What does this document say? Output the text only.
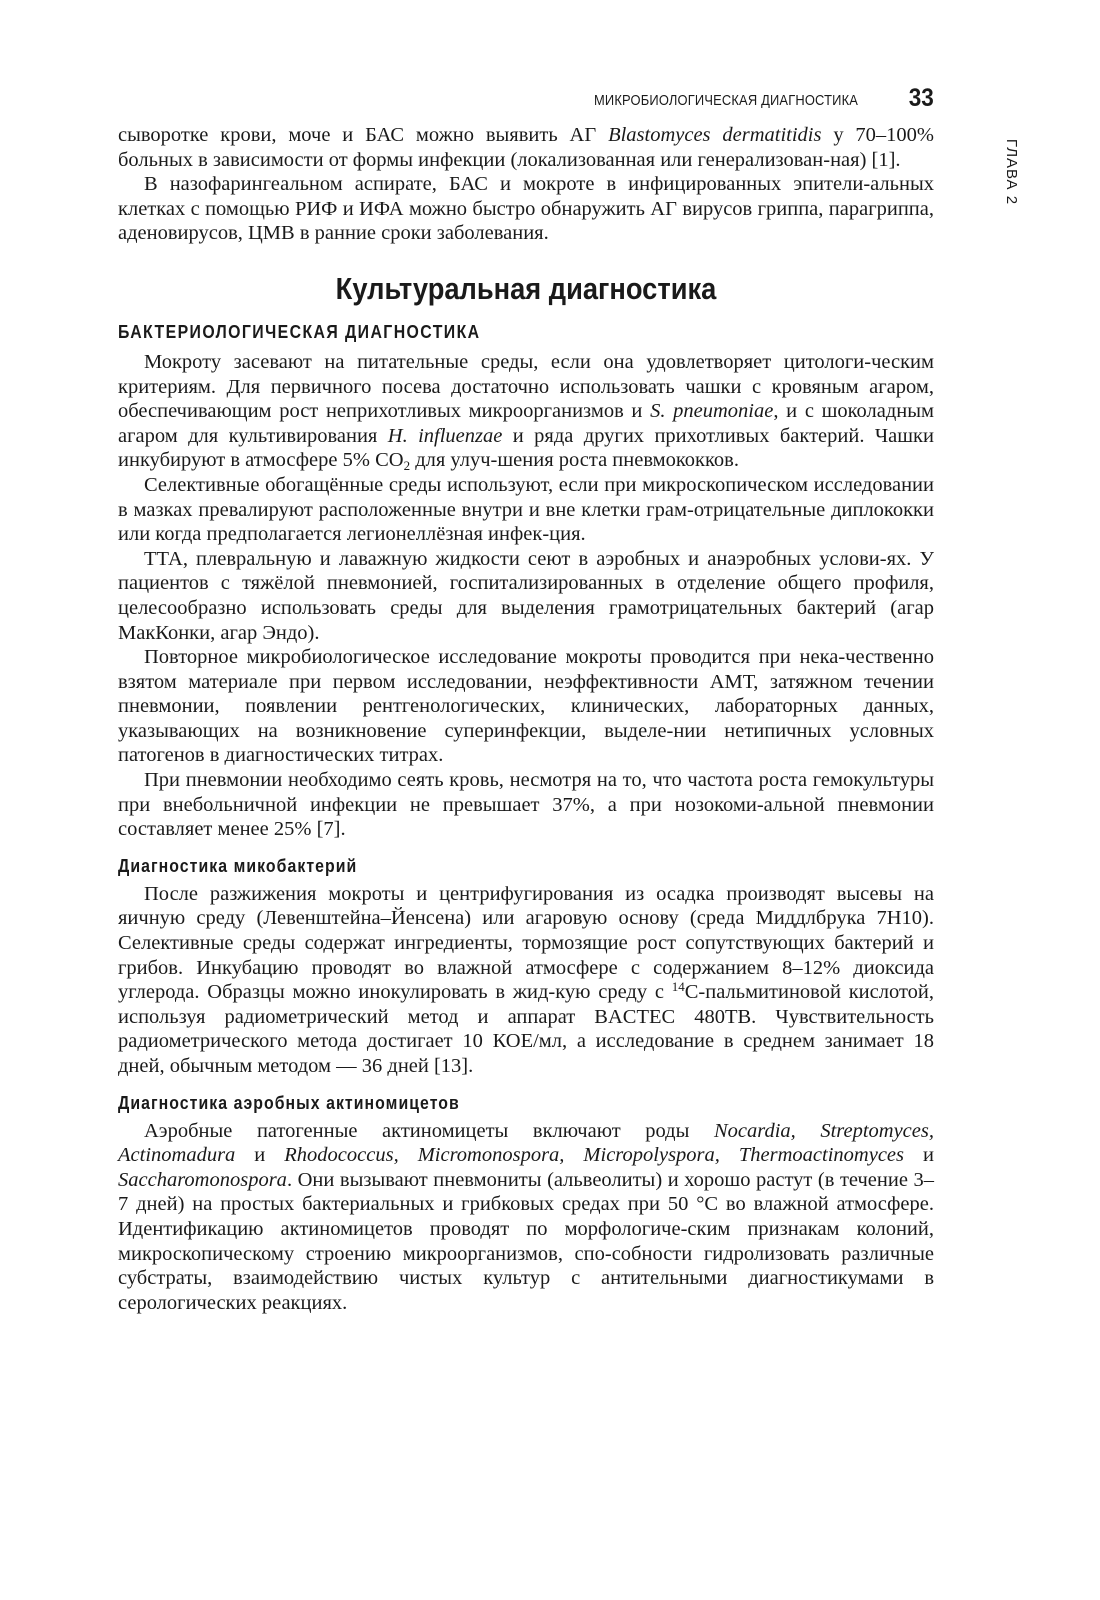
МИКРОБИОЛОГИЧЕСКАЯ ДИАГНОСТИКА 33
ГЛАВА 2

сыворотке крови, моче и БАС можно выявить АГ Blastomyces dermatitidis у 70–100% больных в зависимости от формы инфекции (локализованная или генерализован-ная) [1].

В назофарингеальном аспирате, БАС и мокроте в инфицированных эпители-альных клетках с помощью РИФ и ИФА можно быстро обнаружить АГ вирусов гриппа, парагриппа, аденовирусов, ЦМВ в ранние сроки заболевания.

Культуральная диагностика
БАКТЕРИОЛОГИЧЕСКАЯ ДИАГНОСТИКА

Мокроту засевают на питательные среды, если она удовлетворяет цитологи-ческим критериям. Для первичного посева достаточно использовать чашки с кровяным агаром, обеспечивающим рост неприхотливых микроорганизмов и S. pneumoniae, и с шоколадным агаром для культивирования H. influenzae и ряда других прихотливых бактерий. Чашки инкубируют в атмосфере 5% $CO_2$ для улуч-шения роста пневмококков.

Селективные обогащённые среды используют, если при микроскопическом исследовании в мазках превалируют расположенные внутри и вне клетки грам-отрицательные диплококки или когда предполагается легионеллёзная инфек-ция.

ТТА, плевральную и лаважную жидкости сеют в аэробных и анаэробных услови-ях. У пациентов с тяжёлой пневмонией, госпитализированных в отделение общего профиля, целесообразно использовать среды для выделения грамотрицательных бактерий (агар МакКонки, агар Эндо).

Повторное микробиологическое исследование мокроты проводится при нека-чественно взятом материале при первом исследовании, неэффективности АМТ, затяжном течении пневмонии, появлении рентгенологических, клинических, лабораторных данных, указывающих на возникновение суперинфекции, выделе-нии нетипичных условных патогенов в диагностических титрах.

При пневмонии необходимо сеять кровь, несмотря на то, что частота роста гемокультуры при внебольничной инфекции не превышает 37%, а при нозокоми-альной пневмонии составляет менее 25% [7].

Диагностика микобактерий

После разжижения мокроты и центрифугирования из осадка производят высевы на яичную среду (Левенштейна–Йенсена) или агаровую основу (среда Миддлбрука 7H10). Селективные среды содержат ингредиенты, тормозящие рост сопутствующих бактерий и грибов. Инкубацию проводят во влажной атмосфере с содержанием 8–12% диоксида углерода. Образцы можно инокулировать в жид-кую среду с $^{14}$С-пальмитиновой кислотой, используя радиометрический метод и аппарат BACTEC 480TB. Чувствительность радиометрического метода достигает 10 КОЕ/мл, а исследование в среднем занимает 18 дней, обычным методом — 36 дней [13].

Диагностика аэробных актиномицетов

Аэробные патогенные актиномицеты включают роды Nocardia, Streptomyces, Actinomadura и Rhodococcus, Micromonospora, Micropolyspora, Thermoactinomyces и Saccharomonospora. Они вызывают пневмониты (альвеолиты) и хорошо растут (в течение 3–7 дней) на простых бактериальных и грибковых средах при 50 °С во влажной атмосфере. Идентификацию актиномицетов проводят по морфологиче-ским признакам колоний, микроскопическому строению микроорганизмов, спо-собности гидролизовать различные субстраты, взаимодействию чистых культур с антительными диагностикумами в серологических реакциях.
